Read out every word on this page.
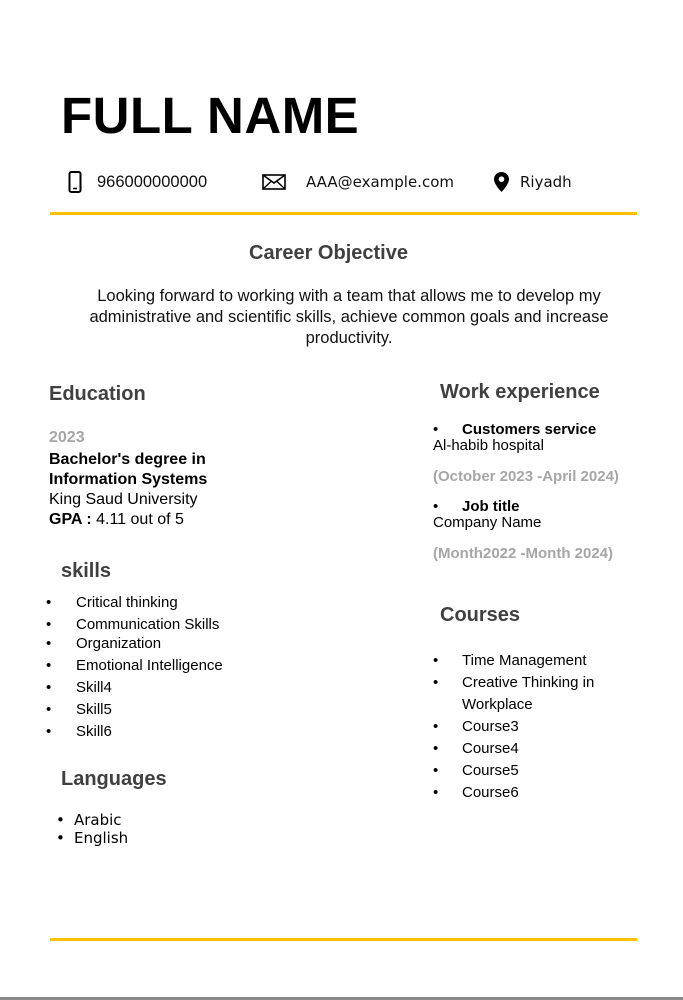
FULL NAME
966000000000	AAA@example.com	Riyadh
Career Objective

Looking forward to working with a team that allows me to develop my administrative and scientific skills, achieve common goals and increase productivity.

Education
2023
Bachelor's degree in
Information Systems
King Saud University
GPA : 4.11 out of 5
skills
• Critical thinking
• Communication Skills
• Organization
• Emotional Intelligence
• Skill4
• Skill5
• Skill6
Languages
• Arabic
• English
Work experience
• Customers service
Al-habib hospital
(October 2023 -April 2024)
• Job title
Company Name
(Month2022 -Month 2024)
Courses
• Time Management
• Creative Thinking in
Workplace
• Course3
• Course4
• Course5
• Course6
